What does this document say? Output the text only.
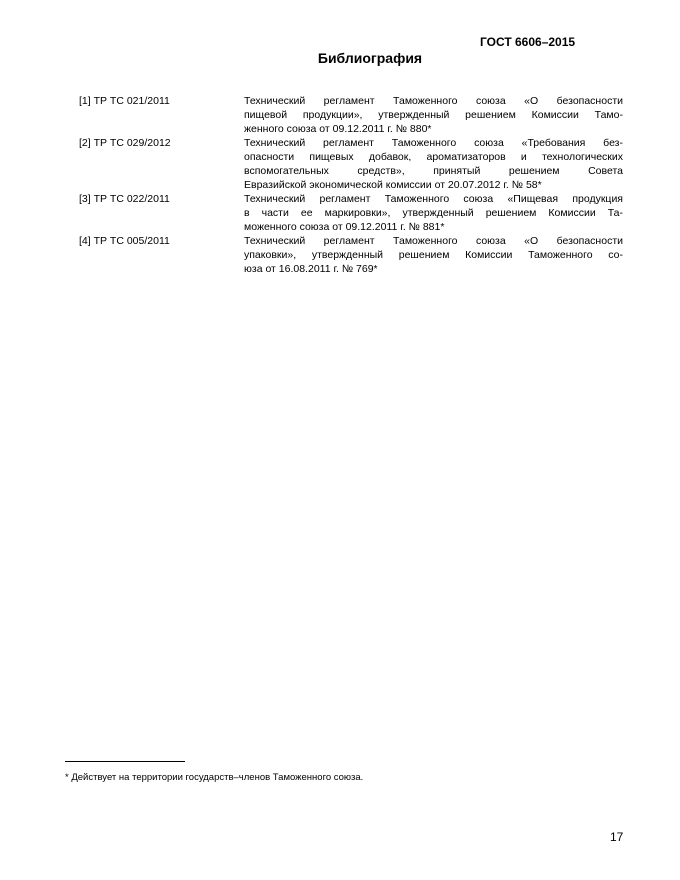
ГОСТ 6606–2015
Библиография
[1] ТР ТС 021/2011	Технический регламент Таможенного союза «О безопасности
пищевой продукции», утвержденный решением Комиссии Тамо-
женного союза от 09.12.2011 г. № 880*
[2] ТР ТС 029/2012	Технический регламент Таможенного союза «Требования без-
опасности пищевых добавок, ароматизаторов и технологических
вспомогательных средств», принятый решением Совета
Евразийской экономической комиссии от 20.07.2012 г. № 58*
[3] ТР ТС 022/2011	Технический регламент Таможенного союза «Пищевая продукция
в части ее маркировки», утвержденный решением Комиссии Та-
моженного союза от 09.12.2011 г. № 881*
[4] ТР ТС 005/2011	Технический регламент Таможенного союза «О безопасности
упаковки», утвержденный решением Комиссии Таможенного со-
юза от 16.08.2011 г. № 769*
* Действует на территории государств–членов Таможенного союза.
17
